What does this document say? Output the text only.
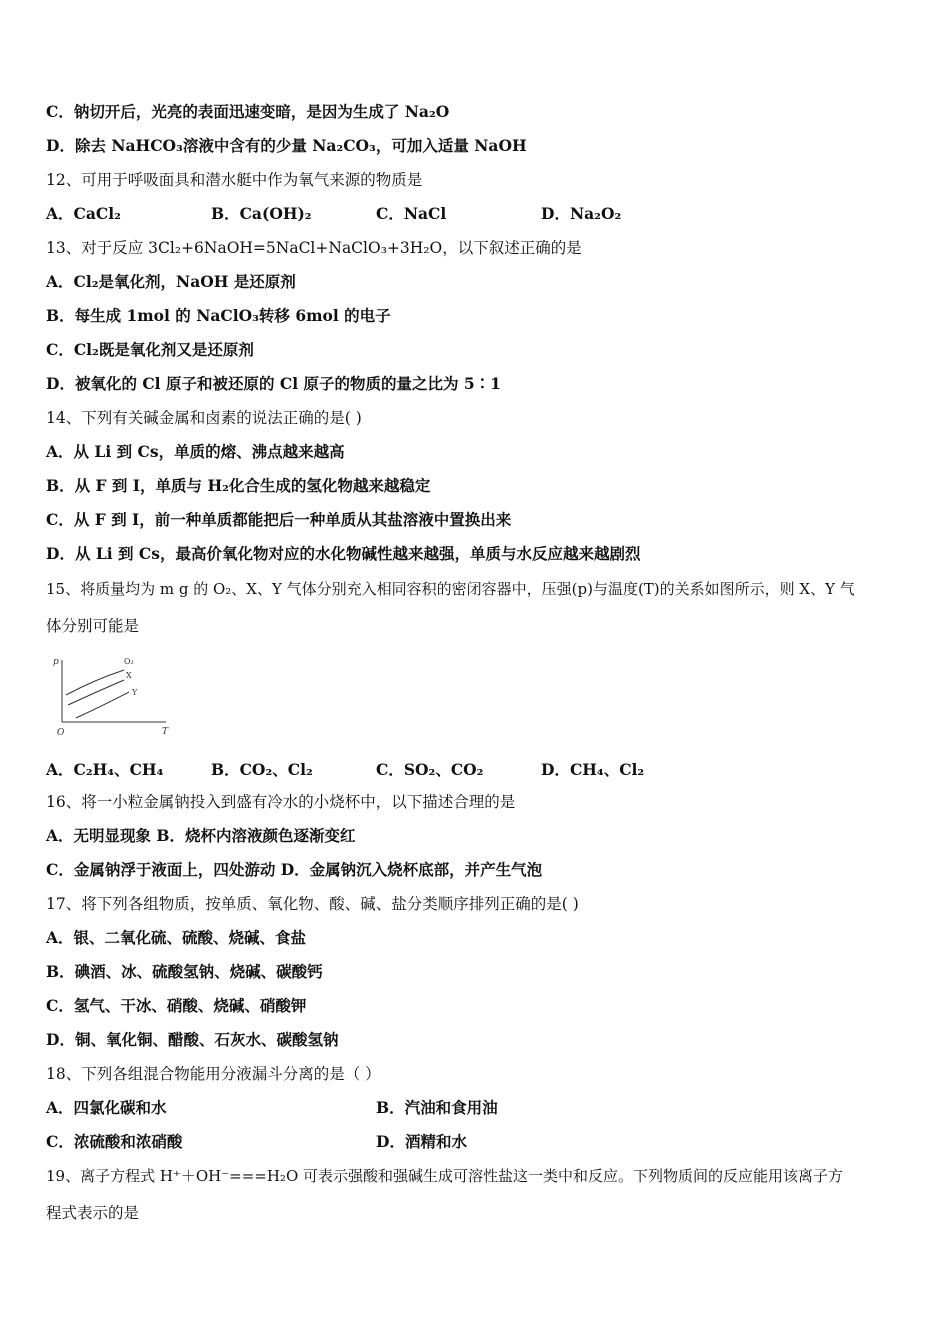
C．钠切开后，光亮的表面迅速变暗，是因为生成了 Na₂O
D．除去 NaHCO₃溶液中含有的少量 Na₂CO₃，可加入适量 NaOH
12、可用于呼吸面具和潜水艇中作为氧气来源的物质是
A．CaCl₂	B．Ca(OH)₂	C．NaCl	D．Na₂O₂
13、对于反应 3Cl₂+6NaOH=5NaCl+NaClO₃+3H₂O，以下叙述正确的是
A．Cl₂是氧化剂，NaOH 是还原剂
B．每生成 1mol 的 NaClO₃转移 6mol 的电子
C．Cl₂既是氧化剂又是还原剂
D．被氧化的 Cl 原子和被还原的 Cl 原子的物质的量之比为 5∶1
14、下列有关碱金属和卤素的说法正确的是( )
A．从 Li 到 Cs，单质的熔、沸点越来越高
B．从 F 到 I，单质与 H₂化合生成的氢化物越来越稳定
C．从 F 到 I，前一种单质都能把后一种单质从其盐溶液中置换出来
D．从 Li 到 Cs，最高价氧化物对应的水化物碱性越来越强，单质与水反应越来越剧烈
15、将质量均为 m g 的 O₂、X、Y 气体分别充入相同容积的密闭容器中，压强(p)与温度(T)的关系如图所示，则 X、Y 气
体分别可能是
p
T
O
O₂
X
Y
A．C₂H₄、CH₄	B．CO₂、Cl₂	C．SO₂、CO₂	D．CH₄、Cl₂
16、将一小粒金属钠投入到盛有冷水的小烧杯中，以下描述合理的是
A．无明显现象 B．烧杯内溶液颜色逐渐变红
C．金属钠浮于液面上，四处游动 D．金属钠沉入烧杯底部，并产生气泡
17、将下列各组物质，按单质、氧化物、酸、碱、盐分类顺序排列正确的是( )
A．银、二氧化硫、硫酸、烧碱、食盐
B．碘酒、冰、硫酸氢钠、烧碱、碳酸钙
C．氢气、干冰、硝酸、烧碱、硝酸钾
D．铜、氧化铜、醋酸、石灰水、碳酸氢钠
18、下列各组混合物能用分液漏斗分离的是（ ）
A．四氯化碳和水	B．汽油和食用油
C．浓硫酸和浓硝酸	D．酒精和水
19、离子方程式 H⁺＋OH⁻===H₂O 可表示强酸和强碱生成可溶性盐这一类中和反应。下列物质间的反应能用该离子方
程式表示的是
